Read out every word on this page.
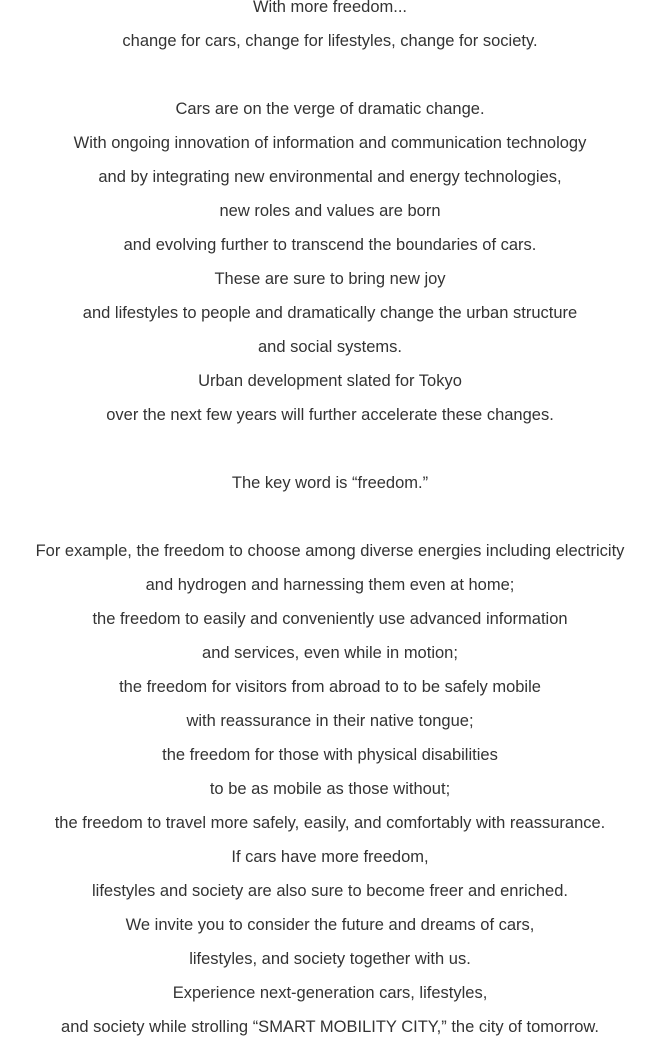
With more freedom...
change for cars, change for lifestyles, change for society.
Cars are on the verge of dramatic change.
With ongoing innovation of information and communication technology
and by integrating new environmental and energy technologies,
new roles and values are born
and evolving further to transcend the boundaries of cars.
These are sure to bring new joy
and lifestyles to people and dramatically change the urban structure
and social systems.
Urban development slated for Tokyo
over the next few years will further accelerate these changes.
The key word is “freedom.”
For example, the freedom to choose among diverse energies including electricity
and hydrogen and harnessing them even at home;
the freedom to easily and conveniently use advanced information
and services, even while in motion;
the freedom for visitors from abroad to to be safely mobile
with reassurance in their native tongue;
the freedom for those with physical disabilities
to be as mobile as those without;
the freedom to travel more safely, easily, and comfortably with reassurance.
If cars have more freedom,
lifestyles and society are also sure to become freer and enriched.
We invite you to consider the future and dreams of cars,
lifestyles, and society together with us.
Experience next-generation cars, lifestyles,
and society while strolling “SMART MOBILITY CITY,” the city of tomorrow.
